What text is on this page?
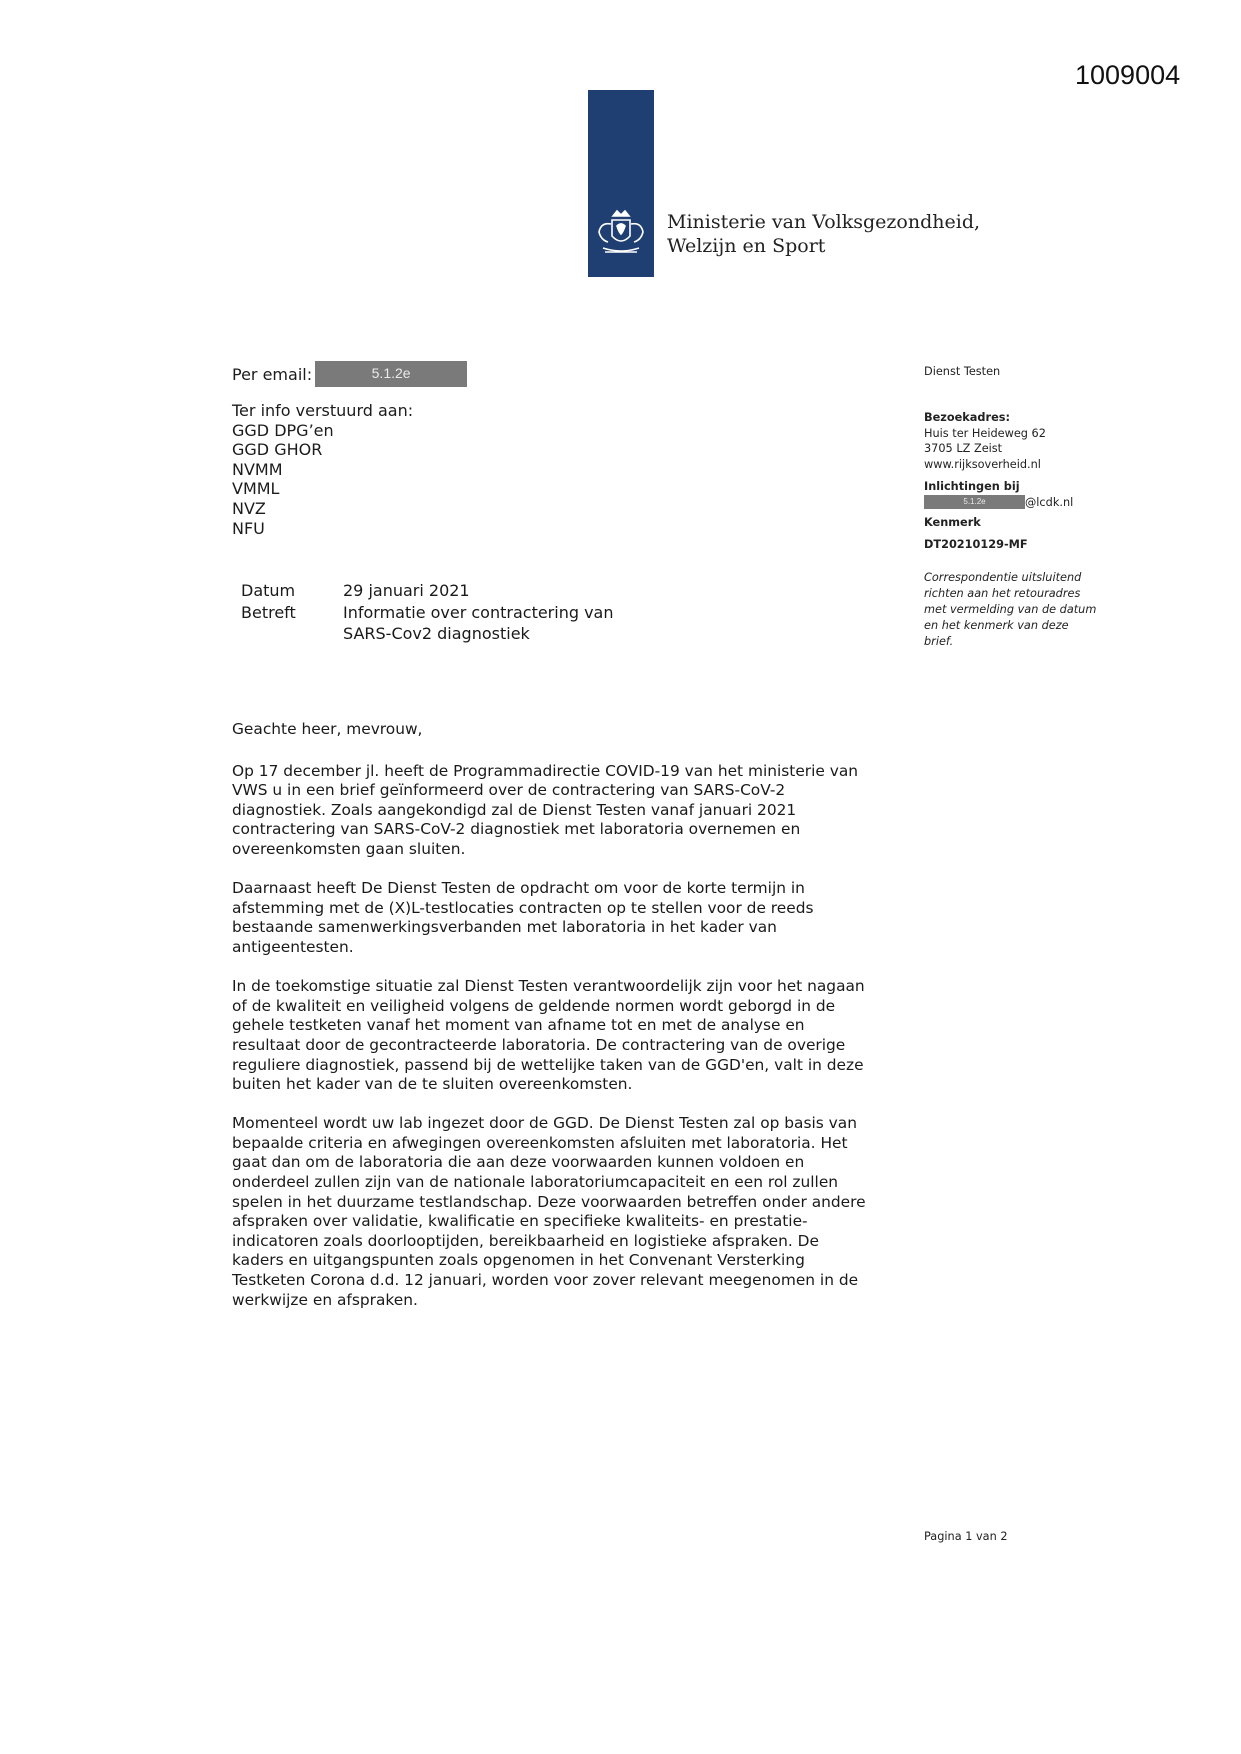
1009004
Ministerie van Volksgezondheid,
Welzijn en Sport
Per email:	5.1.2e
Ter info verstuurd aan:
GGD DPG’en
GGD GHOR
NVMM
VMML
NVZ
NFU
Datum	29 januari 2021
Betreft	Informatie over contractering van
SARS-Cov2 diagnostiek
Dienst Testen
Bezoekadres:
Huis ter Heideweg 62
3705 LZ Zeist
www.rijksoverheid.nl
Inlichtingen bij
5.1.2e	@lcdk.nl
Kenmerk
DT20210129-MF
Correspondentie uitsluitend
richten aan het retouradres
met vermelding van de datum
en het kenmerk van deze
brief.

Geachte heer, mevrouw,

Op 17 december jl. heeft de Programmadirectie COVID-19 van het ministerie van
VWS u in een brief geïnformeerd over de contractering van SARS-CoV-2
diagnostiek. Zoals aangekondigd zal de Dienst Testen vanaf januari 2021
contractering van SARS-CoV-2 diagnostiek met laboratoria overnemen en
overeenkomsten gaan sluiten.

Daarnaast heeft De Dienst Testen de opdracht om voor de korte termijn in
afstemming met de (X)L-testlocaties contracten op te stellen voor de reeds
bestaande samenwerkingsverbanden met laboratoria in het kader van
antigeentesten.

In de toekomstige situatie zal Dienst Testen verantwoordelijk zijn voor het nagaan
of de kwaliteit en veiligheid volgens de geldende normen wordt geborgd in de
gehele testketen vanaf het moment van afname tot en met de analyse en
resultaat door de gecontracteerde laboratoria. De contractering van de overige
reguliere diagnostiek, passend bij de wettelijke taken van de GGD'en, valt in deze
buiten het kader van de te sluiten overeenkomsten.

Momenteel wordt uw lab ingezet door de GGD. De Dienst Testen zal op basis van
bepaalde criteria en afwegingen overeenkomsten afsluiten met laboratoria. Het
gaat dan om de laboratoria die aan deze voorwaarden kunnen voldoen en
onderdeel zullen zijn van de nationale laboratoriumcapaciteit en een rol zullen
spelen in het duurzame testlandschap. Deze voorwaarden betreffen onder andere
afspraken over validatie, kwalificatie en specifieke kwaliteits- en prestatie-
indicatoren zoals doorlooptijden, bereikbaarheid en logistieke afspraken. De
kaders en uitgangspunten zoals opgenomen in het Convenant Versterking
Testketen Corona d.d. 12 januari, worden voor zover relevant meegenomen in de
werkwijze en afspraken.

Pagina 1 van 2
